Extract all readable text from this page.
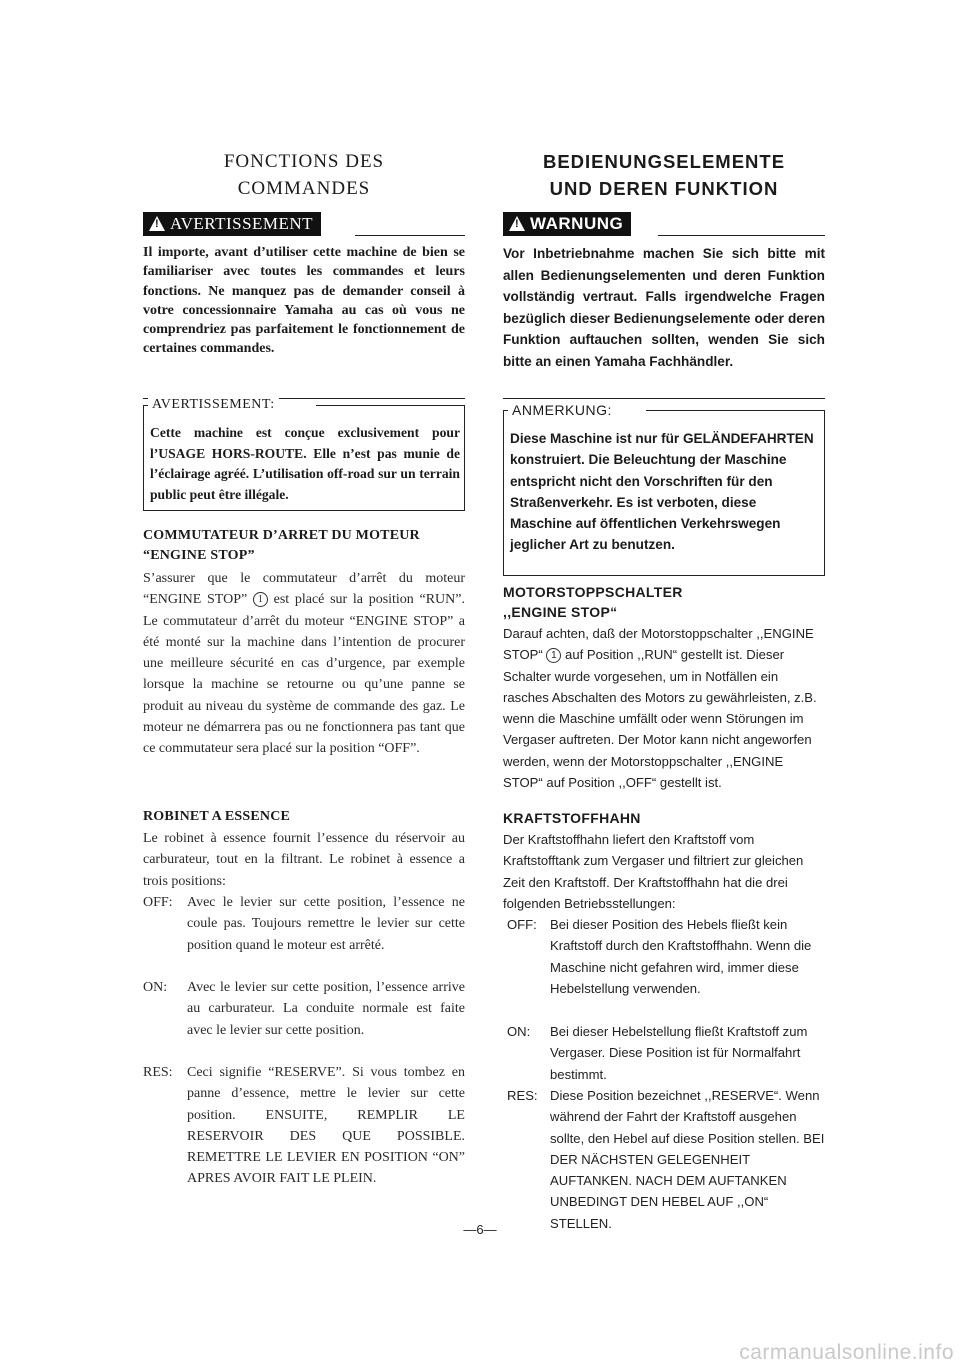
FONCTIONS DES
COMMANDES
!AVERTISSEMENT

Il importe, avant d’utiliser cette machine de bien se familiariser avec toutes les commandes et leurs fonctions. Ne manquez pas de demander conseil à votre concessionnaire Yamaha au cas où vous ne comprendriez pas parfaitement le fonctionnement de certaines commandes.

AVERTISSEMENT:

Cette machine est conçue exclusivement pour l’USAGE HORS-ROUTE. Elle n’est pas munie de l’éclairage agréé. L’utilisation off-road sur un terrain public peut être illégale.

COMMUTATEUR D’ARRET DU MOTEUR
“ENGINE STOP”

S’assurer que le commutateur d’arrêt du moteur “ENGINE STOP” 1 est placé sur la position “RUN”. Le commutateur d’arrêt du moteur “ENGINE STOP” a été monté sur la machine dans l’intention de procurer une meilleure sécurité en cas d’urgence, par exemple lorsque la machine se retourne ou qu’une panne se produit au niveau du système de commande des gaz. Le moteur ne démarrera pas ou ne fonctionnera pas tant que ce commutateur sera placé sur la position “OFF”.

ROBINET A ESSENCE

Le robinet à essence fournit l’essence du réservoir au carburateur, tout en la filtrant. Le robinet à essence a trois positions:

OFF: Avec le levier sur cette position, l’essence ne coule pas. Toujours remettre le levier sur cette position quand le moteur est arrêté.

ON: Avec le levier sur cette position, l’essence arrive au carburateur. La conduite normale est faite avec le levier sur cette position.

RES: Ceci signifie “RESERVE”. Si vous tombez en panne d’essence, mettre le levier sur cette position. ENSUITE, REMPLIR LE RESERVOIR DES QUE POSSIBLE. REMETTRE LE LEVIER EN POSITION “ON” APRES AVOIR FAIT LE PLEIN.

BEDIENUNGSELEMENTE
UND DEREN FUNKTION
!WARNUNG

Vor Inbetriebnahme machen Sie sich bitte mit allen Bedienungselementen und deren Funktion vollständig vertraut. Falls irgendwelche Fragen bezüglich dieser Bedienungselemente oder deren Funktion auftauchen sollten, wenden Sie sich bitte an einen Yamaha Fachhändler.

ANMERKUNG:

Diese Maschine ist nur für GELÄNDEFAHRTEN konstruiert. Die Beleuchtung der Maschine entspricht nicht den Vorschriften für den Straßenverkehr. Es ist verboten, diese Maschine auf öffentlichen Verkehrswegen jeglicher Art zu benutzen.

MOTORSTOPPSCHALTER
,,ENGINE STOP“

Darauf achten, daß der Motorstoppschalter ,,ENGINE STOP“ 1 auf Position ,,RUN“ gestellt ist. Dieser Schalter wurde vorgesehen, um in Notfällen ein rasches Abschalten des Motors zu gewährleisten, z.B. wenn die Maschine umfällt oder wenn Störungen im Vergaser auftreten. Der Motor kann nicht angeworfen werden, wenn der Motorstoppschalter ,,ENGINE STOP“ auf Position ,,OFF“ gestellt ist.

KRAFTSTOFFHAHN

Der Kraftstoffhahn liefert den Kraftstoff vom Kraftstofftank zum Vergaser und filtriert zur gleichen Zeit den Kraftstoff. Der Kraftstoffhahn hat die drei folgenden Betriebsstellungen:

OFF: Bei dieser Position des Hebels fließt kein Kraftstoff durch den Kraftstoffhahn. Wenn die Maschine nicht gefahren wird, immer diese Hebelstellung verwenden.

ON: Bei dieser Hebelstellung fließt Kraftstoff zum Vergaser. Diese Position ist für Normalfahrt bestimmt.

RES: Diese Position bezeichnet ,,RESERVE“. Wenn während der Fahrt der Kraftstoff ausgehen sollte, den Hebel auf diese Position stellen. BEI DER NÄCHSTEN GELEGENHEIT AUFTANKEN. NACH DEM AUFTANKEN UNBEDINGT DEN HEBEL AUF ,,ON“ STELLEN.

—6—
carmanualsonline.info
